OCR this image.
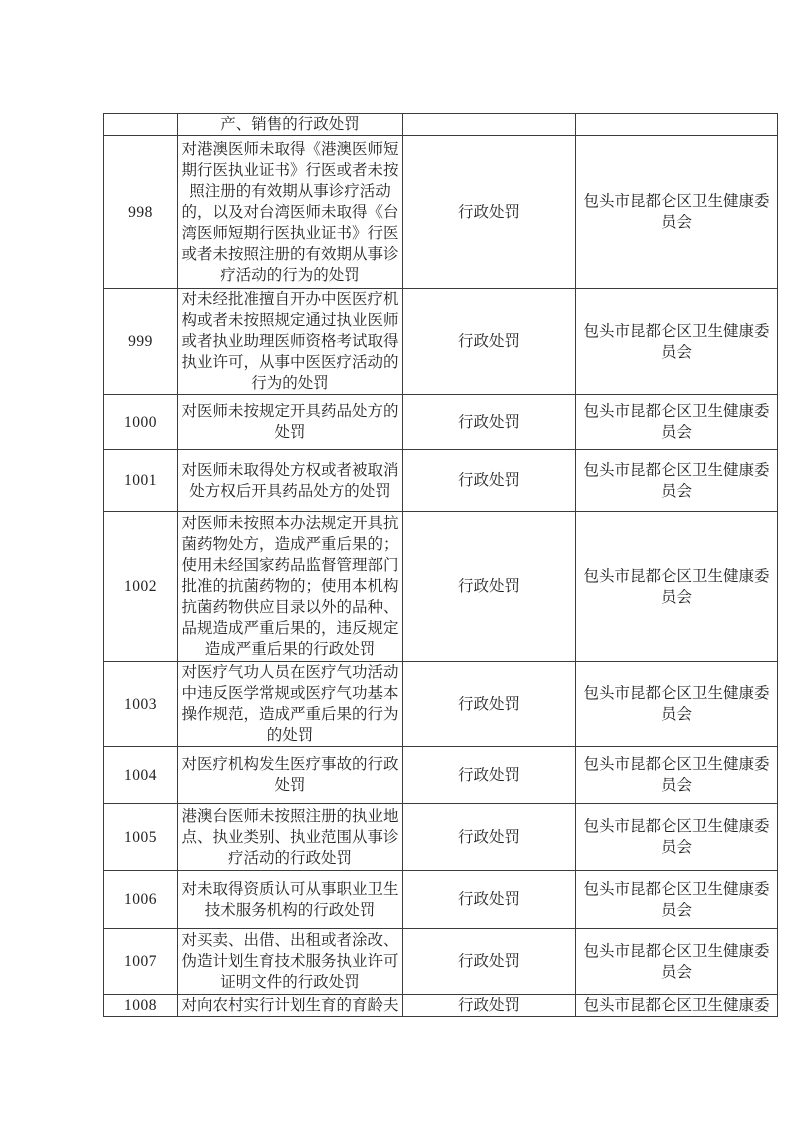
	产、销售的行政处罚		
998	对港澳医师未取得《港澳医师短期行医执业证书》行医或者未按照注册的有效期从事诊疗活动的，以及对台湾医师未取得《台湾医师短期行医执业证书》行医或者未按照注册的有效期从事诊疗活动的行为的处罚	行政处罚	包头市昆都仑区卫生健康委员会
999	对未经批准擅自开办中医医疗机构或者未按照规定通过执业医师或者执业助理医师资格考试取得执业许可，从事中医医疗活动的行为的处罚	行政处罚	包头市昆都仑区卫生健康委员会
1000	对医师未按规定开具药品处方的处罚	行政处罚	包头市昆都仑区卫生健康委员会
1001	对医师未取得处方权或者被取消处方权后开具药品处方的处罚	行政处罚	包头市昆都仑区卫生健康委员会
1002	对医师未按照本办法规定开具抗菌药物处方，造成严重后果的；使用未经国家药品监督管理部门批准的抗菌药物的；使用本机构抗菌药物供应目录以外的品种、品规造成严重后果的，违反规定造成严重后果的行政处罚	行政处罚	包头市昆都仑区卫生健康委员会
1003	对医疗气功人员在医疗气功活动中违反医学常规或医疗气功基本操作规范，造成严重后果的行为的处罚	行政处罚	包头市昆都仑区卫生健康委员会
1004	对医疗机构发生医疗事故的行政处罚	行政处罚	包头市昆都仑区卫生健康委员会
1005	港澳台医师未按照注册的执业地点、执业类别、执业范围从事诊疗活动的行政处罚	行政处罚	包头市昆都仑区卫生健康委员会
1006	对未取得资质认可从事职业卫生技术服务机构的行政处罚	行政处罚	包头市昆都仑区卫生健康委员会
1007	对买卖、出借、出租或者涂改、伪造计划生育技术服务执业许可证明文件的行政处罚	行政处罚	包头市昆都仑区卫生健康委员会
1008	对向农村实行计划生育的育龄夫	行政处罚	包头市昆都仑区卫生健康委
